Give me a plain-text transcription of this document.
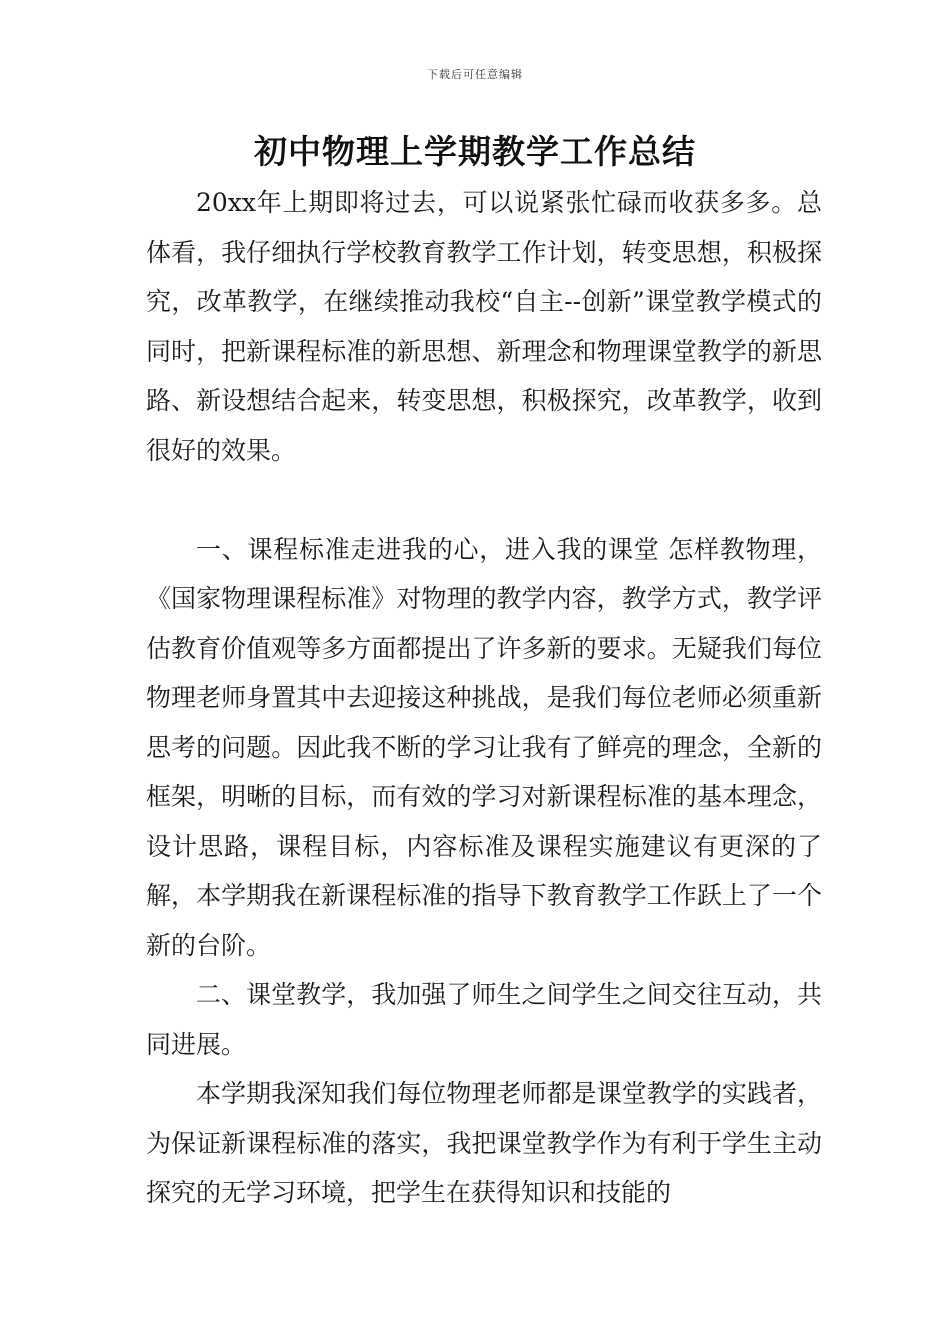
下载后可任意编辑
初中物理上学期教学工作总结

20xx年上期即将过去，可以说紧张忙碌而收获多多。总体看，我仔细执行学校教育教学工作计划，转变思想，积极探究，改革教学，在继续推动我校“自主--创新”课堂教学模式的同时，把新课程标准的新思想、新理念和物理课堂教学的新思路、新设想结合起来，转变思想，积极探究，改革教学，收到很好的效果。

一、课程标准走进我的心，进入我的课堂 怎样教物理，《国家物理课程标准》对物理的教学内容，教学方式，教学评估教育价值观等多方面都提出了许多新的要求。无疑我们每位物理老师身置其中去迎接这种挑战，是我们每位老师必须重新思考的问题。因此我不断的学习让我有了鲜亮的理念，全新的框架，明晰的目标，而有效的学习对新课程标准的基本理念，设计思路，课程目标，内容标准及课程实施建议有更深的了解，本学期我在新课程标准的指导下教育教学工作跃上了一个新的台阶。

二、课堂教学，我加强了师生之间学生之间交往互动，共同进展。

本学期我深知我们每位物理老师都是课堂教学的实践者，为保证新课程标准的落实，我把课堂教学作为有利于学生主动探究的无学习环境，把学生在获得知识和技能的
